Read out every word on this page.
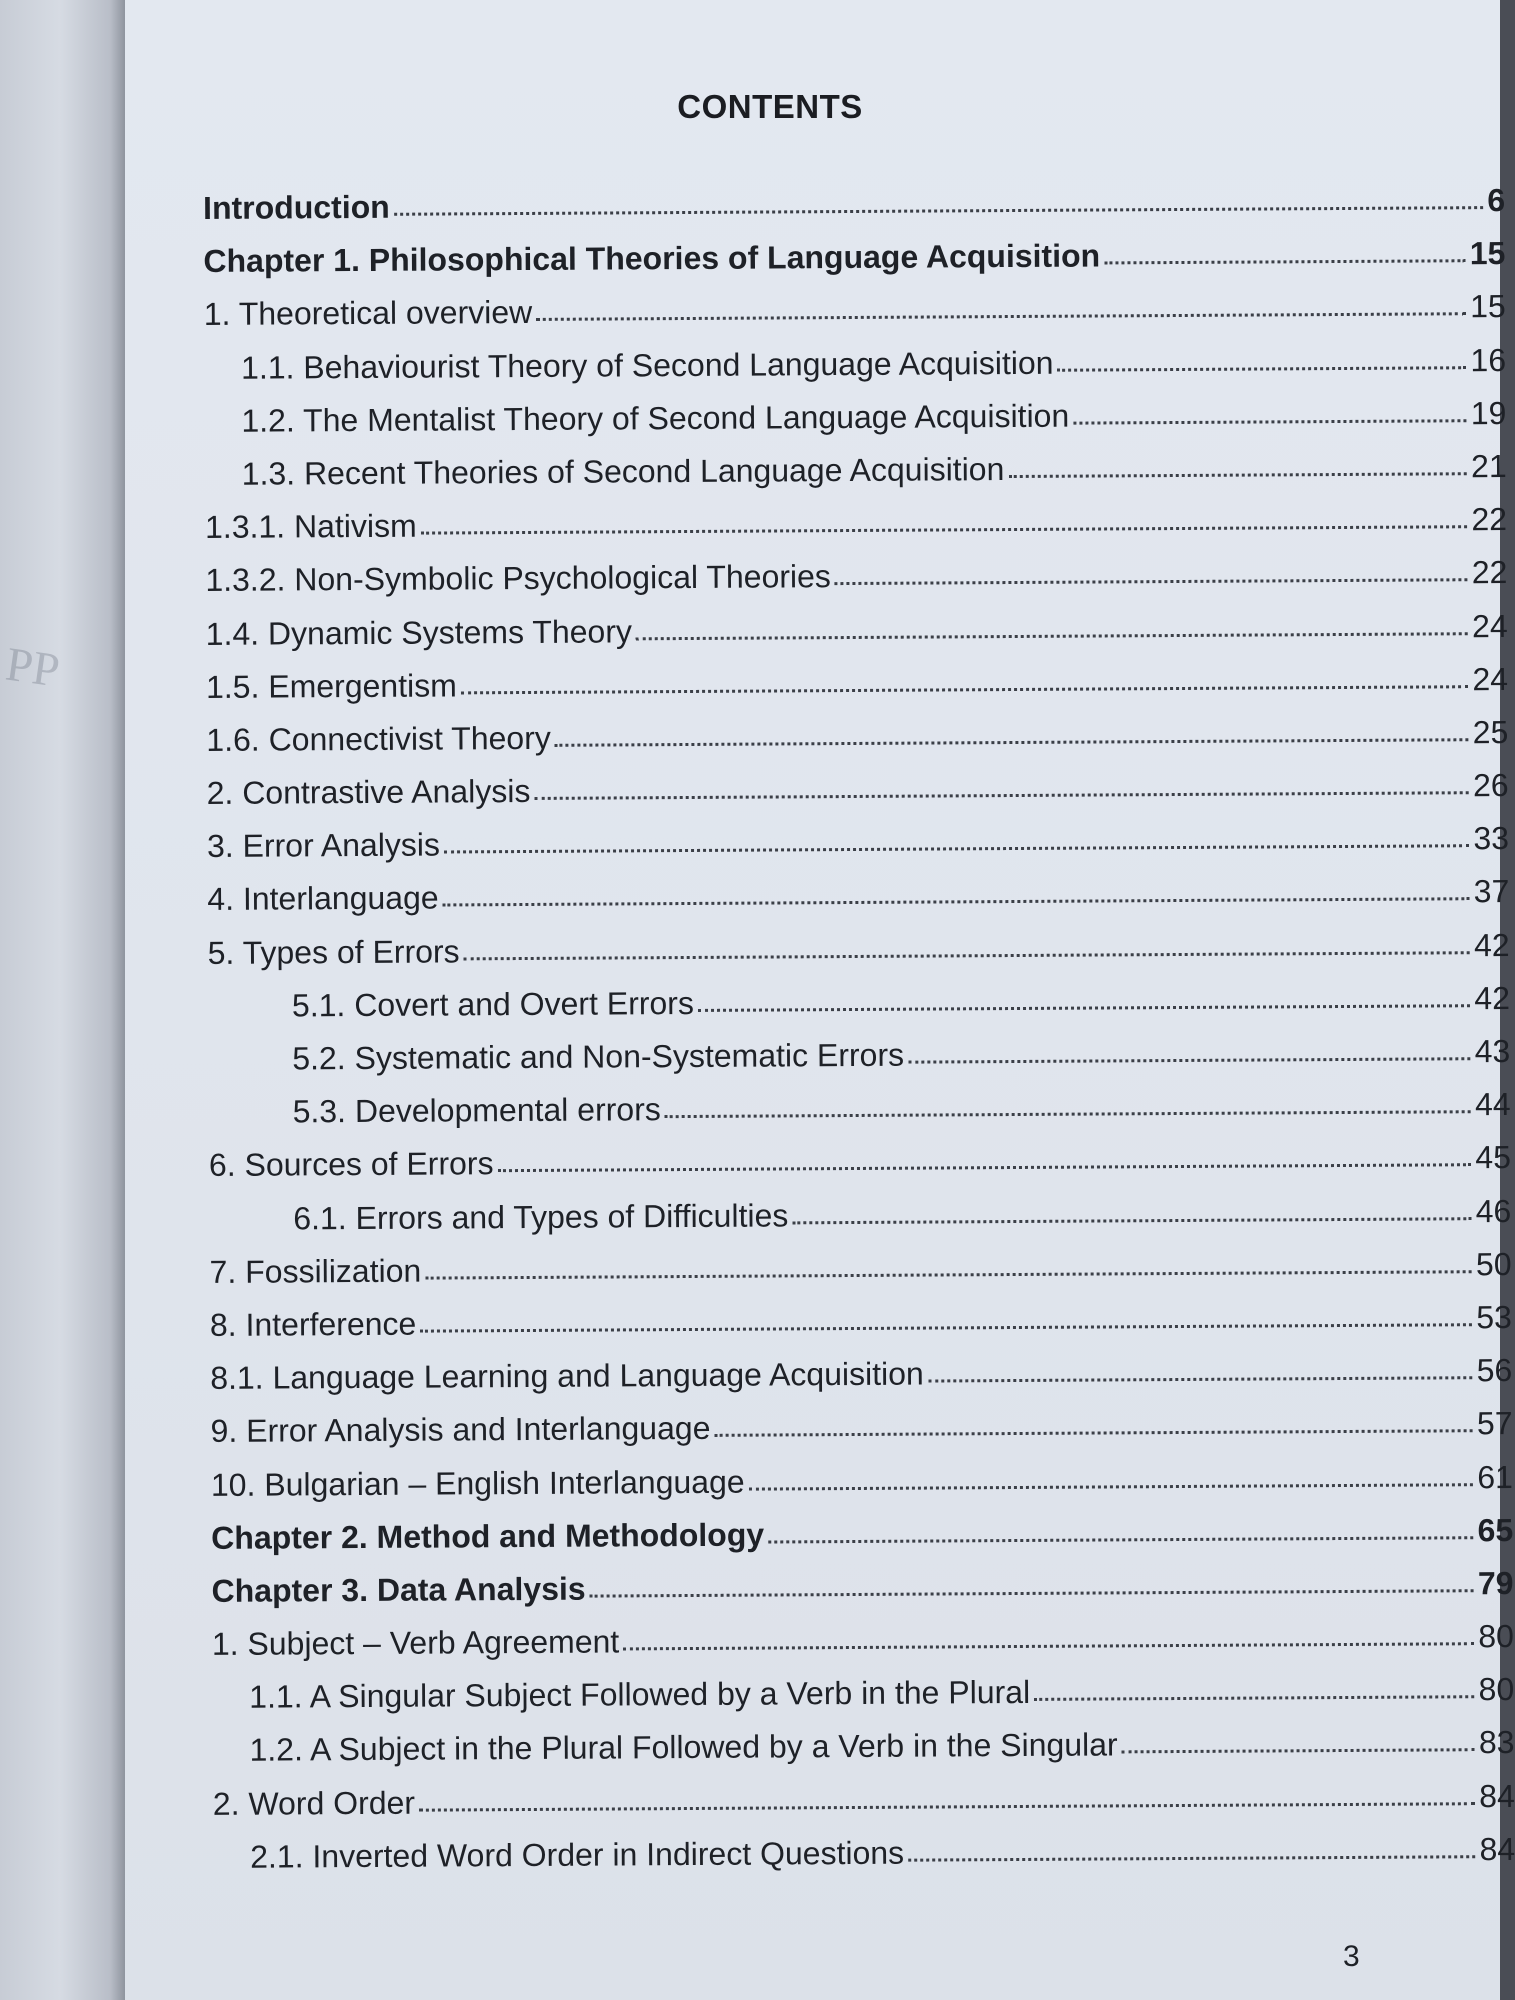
PP
CONTENTS
Introduction	6
Chapter 1. Philosophical Theories of Language Acquisition	15
1. Theoretical overview	15
1.1. Behaviourist Theory of Second Language Acquisition	16
1.2. The Mentalist Theory of Second Language Acquisition	19
1.3. Recent Theories of Second Language Acquisition	21
1.3.1. Nativism	22
1.3.2. Non-Symbolic Psychological Theories	22
1.4. Dynamic Systems Theory	24
1.5. Emergentism	24
1.6. Connectivist Theory	25
2. Contrastive Analysis	26
3. Error Analysis	33
4. Interlanguage	37
5. Types of Errors	42
5.1. Covert and Overt Errors	42
5.2. Systematic and Non-Systematic Errors	43
5.3. Developmental errors	44
6. Sources of Errors	45
6.1. Errors and Types of Difficulties	46
7. Fossilization	50
8. Interference	53
8.1. Language Learning and Language Acquisition	56
9. Error Analysis and Interlanguage	57
10. Bulgarian – English Interlanguage	61
Chapter 2. Method and Methodology	65
Chapter 3. Data Analysis	79
1. Subject – Verb Agreement	80
1.1. A Singular Subject Followed by a Verb in the Plural	80
1.2. A Subject in the Plural Followed by a Verb in the Singular	83
2. Word Order	84
2.1. Inverted Word Order in Indirect Questions	84
3
